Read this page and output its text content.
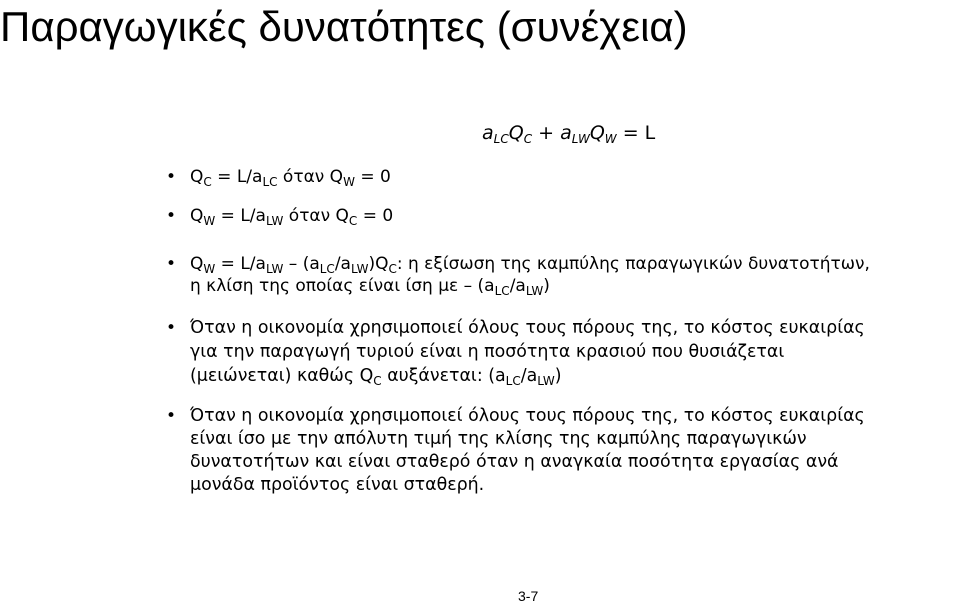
Παραγωγικές δυνατότητες (συνέχεια)
$a_{LC}Q_C + a_{LW}Q_W = L$
• $Q_C = L/a_{LC}$ όταν $Q_W = 0$
• $Q_W = L/a_{LW}$ όταν $Q_C = 0$
• $Q_W = L/a_{LW} - (a_{LC}/a_{LW})Q_C$: η εξίσωση της καμπύλης παραγωγικών δυνατοτήτων,
η κλίση της οποίας είναι ίση με – $(a_{LC}/a_{LW})$
• Όταν η οικονομία χρησιμοποιεί όλους τους πόρους της, το κόστος ευκαιρίας
για την παραγωγή τυριού είναι η ποσότητα κρασιού που θυσιάζεται
(μειώνεται) καθώς $Q_C$ αυξάνεται: $(a_{LC}/a_{LW})$
• Όταν η οικονομία χρησιμοποιεί όλους τους πόρους της, το κόστος ευκαιρίας
είναι ίσο με την απόλυτη τιμή της κλίσης της καμπύλης παραγωγικών
δυνατοτήτων και είναι σταθερό όταν η αναγκαία ποσότητα εργασίας ανά
μονάδα προϊόντος είναι σταθερή.
3-7
